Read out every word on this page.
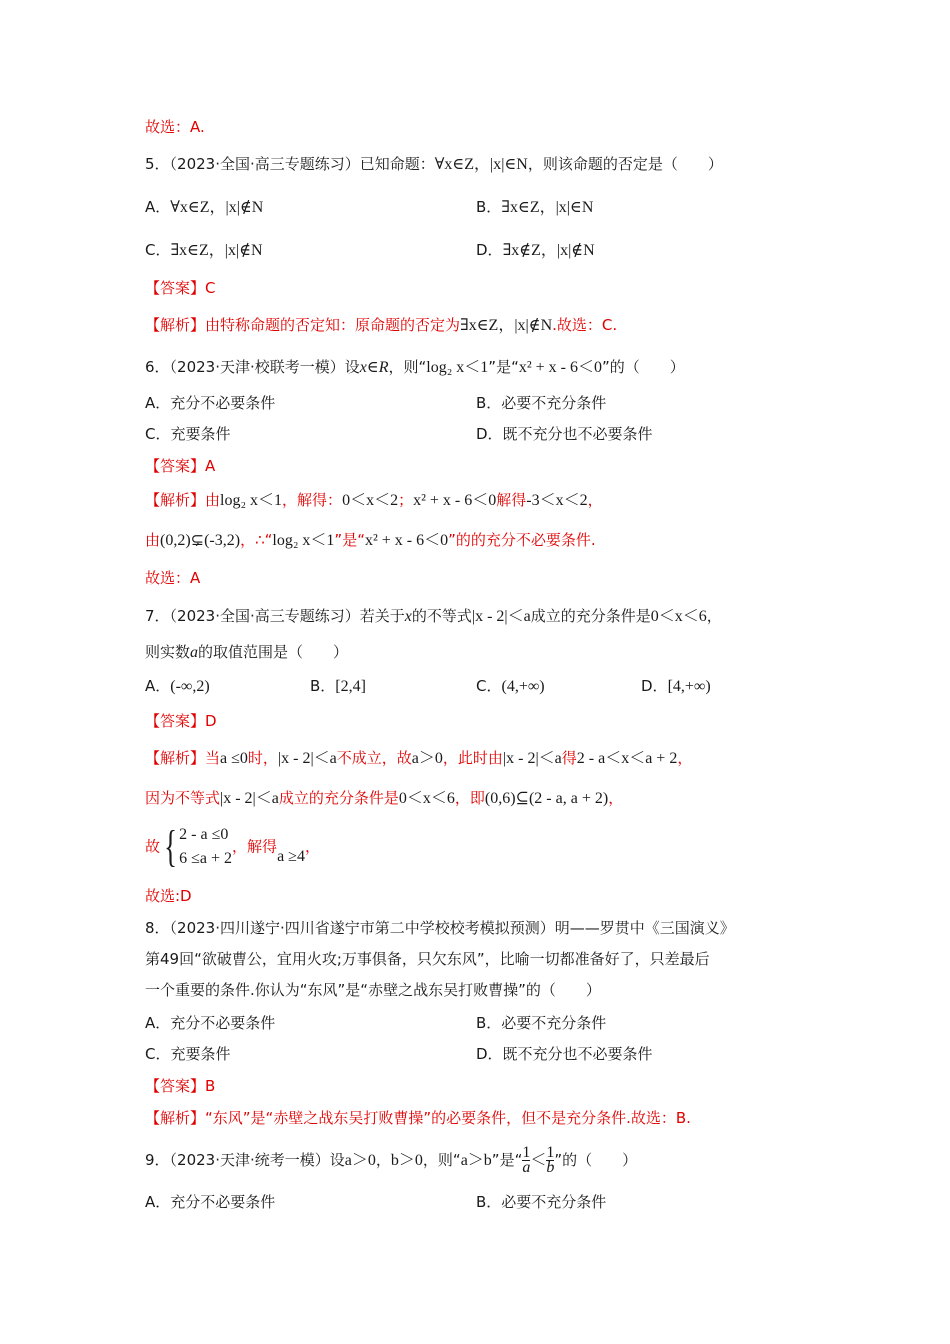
故选：A.
5．（2023·全国·高三专题练习）已知命题：∀x∈Z，|x|∈N，则该命题的否定是（　　）
A．∀x∈Z，|x|∉N	B．∃x∈Z，|x|∈N
C．∃x∈Z，|x|∉N	D．∃x∉Z，|x|∉N
【答案】C
【解析】由特称命题的否定知：原命题的否定为∃x∈Z，|x|∉N.故选：C.
6．（2023·天津·校联考一模）设x∈R，则“log₂ x＜1”是“x² + x - 6＜0”的（　　）
A．充分不必要条件	B．必要不充分条件
C．充要条件	D．既不充分也不必要条件
【答案】A
【解析】由log₂ x＜1，解得：0＜x＜2；x² + x - 6＜0解得-3＜x＜2，
由(0,2)⊊(-3,2)，∴“log₂ x＜1”是“x² + x - 6＜0”的的充分不必要条件.
故选：A
7．（2023·全国·高三专题练习）若关于x的不等式|x - 2|＜a成立的充分条件是0＜x＜6，
则实数a的取值范围是（　　）
A．(-∞,2)	B．[2,4]	C．(4,+∞)	D．[4,+∞)
【答案】D
【解析】当a ≤0时，|x - 2|＜a不成立，故a＞0，此时由|x - 2|＜a得2 - a＜x＜a + 2，
因为不等式|x - 2|＜a成立的充分条件是0＜x＜6，即(0,6)⊆(2 - a, a + 2)，
故{ 2 - a ≤0
6 ≤a + 2
，解得a ≥4，
故选:D
8．（2023·四川遂宁·四川省遂宁市第二中学校校考模拟预测）明——罗贯中《三国演义》
第49回“欲破曹公，宜用火攻;万事俱备，只欠东风”，比喻一切都准备好了，只差最后
一个重要的条件.你认为“东风”是“赤壁之战东吴打败曹操”的（　　）
A．充分不必要条件	B．必要不充分条件
C．充要条件	D．既不充分也不必要条件
【答案】B
【解析】“东风”是“赤壁之战东吴打败曹操”的必要条件，但不是充分条件.故选：B.
9．（2023·天津·统考一模）设a＞0，b＞0，则“a＞b”是“ $\frac{1}{a} < \frac{1}{b}$ ”的（　　）
A．充分不必要条件	B．必要不充分条件
